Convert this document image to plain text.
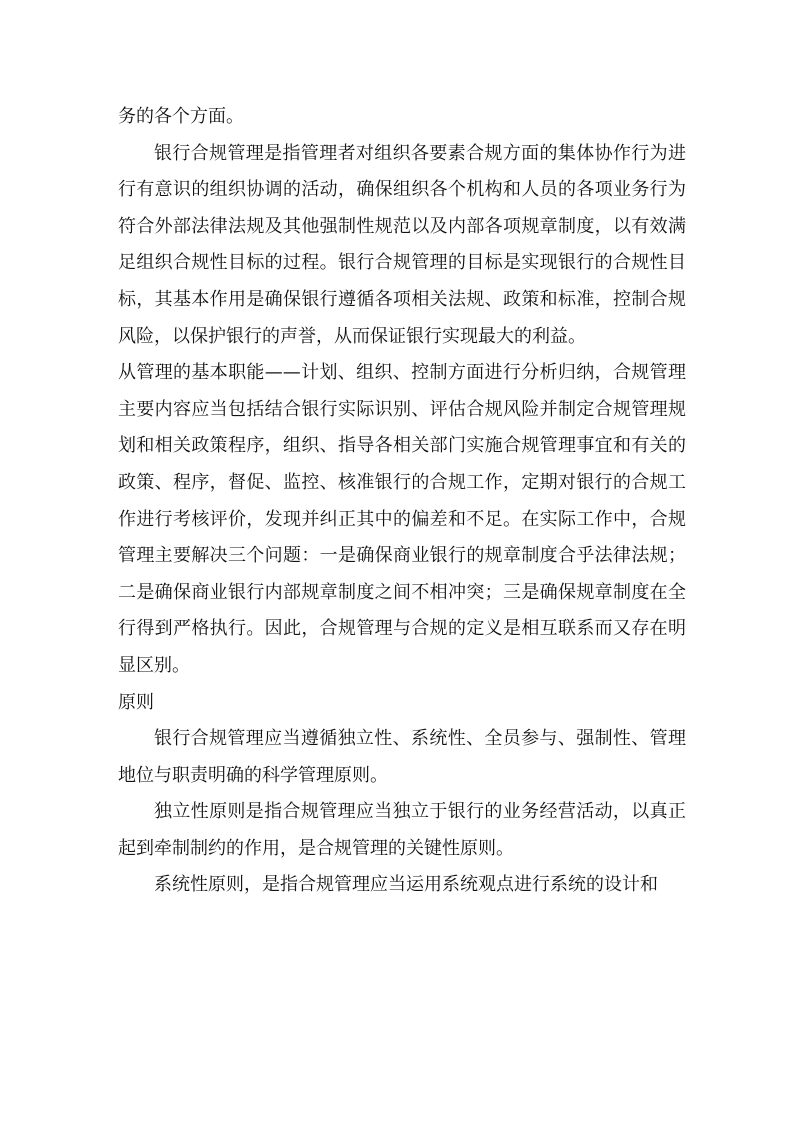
务的各个方面。

银行合规管理是指管理者对组织各要素合规方面的集体协作行为进行有意识的组织协调的活动，确保组织各个机构和人员的各项业务行为符合外部法律法规及其他强制性规范以及内部各项规章制度，以有效满足组织合规性目标的过程。银行合规管理的目标是实现银行的合规性目标，其基本作用是确保银行遵循各项相关法规、政策和标准，控制合规风险，以保护银行的声誉，从而保证银行实现最大的利益。

从管理的基本职能——计划、组织、控制方面进行分析归纳，合规管理主要内容应当包括结合银行实际识别、评估合规风险并制定合规管理规划和相关政策程序，组织、指导各相关部门实施合规管理事宜和有关的政策、程序，督促、监控、核准银行的合规工作，定期对银行的合规工作进行考核评价，发现并纠正其中的偏差和不足。在实际工作中，合规管理主要解决三个问题：一是确保商业银行的规章制度合乎法律法规；二是确保商业银行内部规章制度之间不相冲突；三是确保规章制度在全行得到严格执行。因此，合规管理与合规的定义是相互联系而又存在明显区别。

原则

银行合规管理应当遵循独立性、系统性、全员参与、强制性、管理地位与职责明确的科学管理原则。

独立性原则是指合规管理应当独立于银行的业务经营活动，以真正起到牵制制约的作用，是合规管理的关键性原则。

系统性原则，是指合规管理应当运用系统观点进行系统的设计和
